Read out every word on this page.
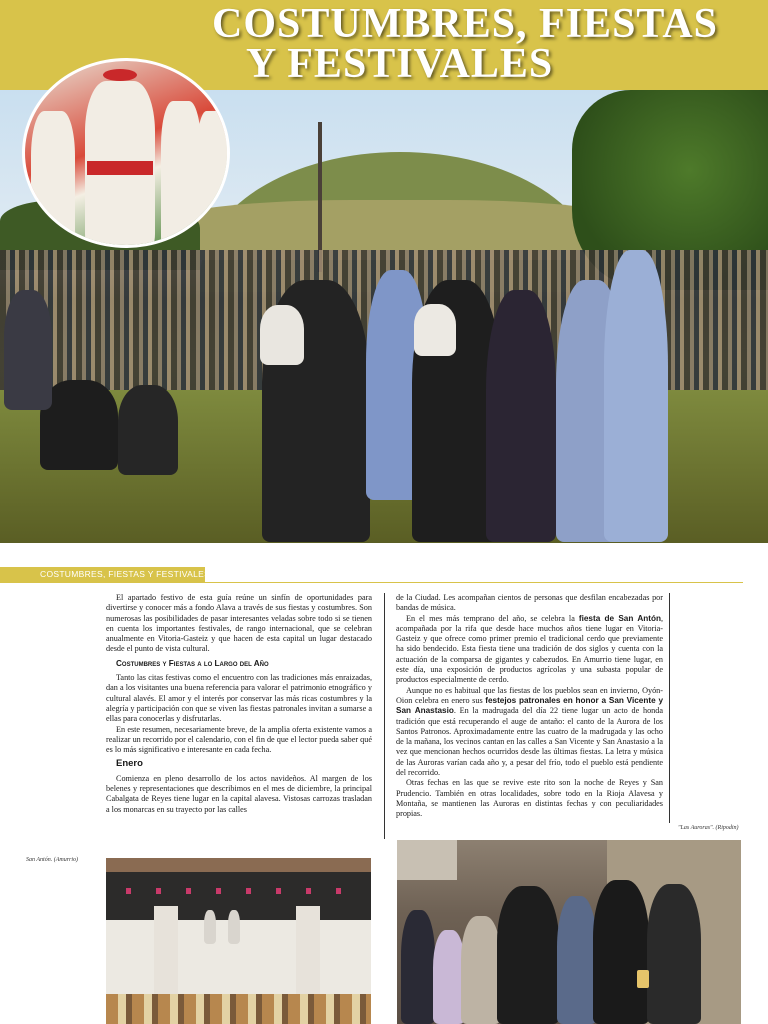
COSTUMBRES, FIESTAS
Y FESTIVALES
COSTUMBRES, FIESTAS Y FESTIVALES

El apartado festivo de esta guía reúne un sinfín de oportunidades para divertirse y conocer más a fondo Alava a través de sus fiestas y costumbres. Son numerosas las posibilidades de pasar interesantes veladas sobre todo si se tienen en cuenta los importantes festivales, de rango internacional, que se celebran anualmente en Vitoria-Gasteiz y que hacen de esta capital un lugar destacado desde el punto de vista cultural.

Costumbres y Fiestas a lo Largo del Año

Tanto las citas festivas como el encuentro con las tradiciones más enraizadas, dan a los visitantes una buena referencia para valorar el patrimonio etnográfico y cultural alavés. El amor y el interés por conservar las más ricas costumbres y la alegría y participación con que se viven las fiestas patronales invitan a sumarse a ellas para conocerlas y disfrutarlas.

En este resumen, necesariamente breve, de la amplia oferta existente vamos a realizar un recorrido por el calendario, con el fin de que el lector pueda saber qué es lo más significativo e interesante en cada fecha.

Enero

Comienza en pleno desarrollo de los actos navideños. Al margen de los belenes y representaciones que describimos en el mes de diciembre, la principal Cabalgata de Reyes tiene lugar en la capital alavesa. Vistosas carrozas trasladan a los monarcas en su trayecto por las calles

de la Ciudad. Les acompañan cientos de personas que desfilan encabezadas por bandas de música.

En el mes más temprano del año, se celebra la fiesta de San Antón, acompañada por la rifa que desde hace muchos años tiene lugar en Vitoria-Gasteiz y que ofrece como primer premio el tradicional cerdo que previamente ha sido bendecido. Esta fiesta tiene una tradición de dos siglos y cuenta con la actuación de la comparsa de gigantes y cabezudos. En Amurrio tiene lugar, en este día, una exposición de productos agrícolas y una subasta popular de productos especialmente de cerdo.

Aunque no es habitual que las fiestas de los pueblos sean en invierno, Oyón-Oion celebra en enero sus festejos patronales en honor a San Vicente y San Anastasio. En la madrugada del día 22 tiene lugar un acto de honda tradición que está recuperando el auge de antaño: el canto de la Aurora de los Santos Patronos. Aproximadamente entre las cuatro de la madrugada y las ocho de la mañana, los vecinos cantan en las calles a San Vicente y San Anastasio a la vez que mencionan hechos ocurridos desde las últimas fiestas. La letra y música de las Auroras varían cada año y, a pesar del frío, todo el pueblo está pendiente del recorrido.

Otras fechas en las que se revive este rito son la noche de Reyes y San Prudencio. También en otras localidades, sobre todo en la Rioja Alavesa y Montaña, se mantienen las Auroras en distintas fechas y con peculiaridades propias.

San Antón. (Amurrio)
"Las Auroras". (Ripodin)
